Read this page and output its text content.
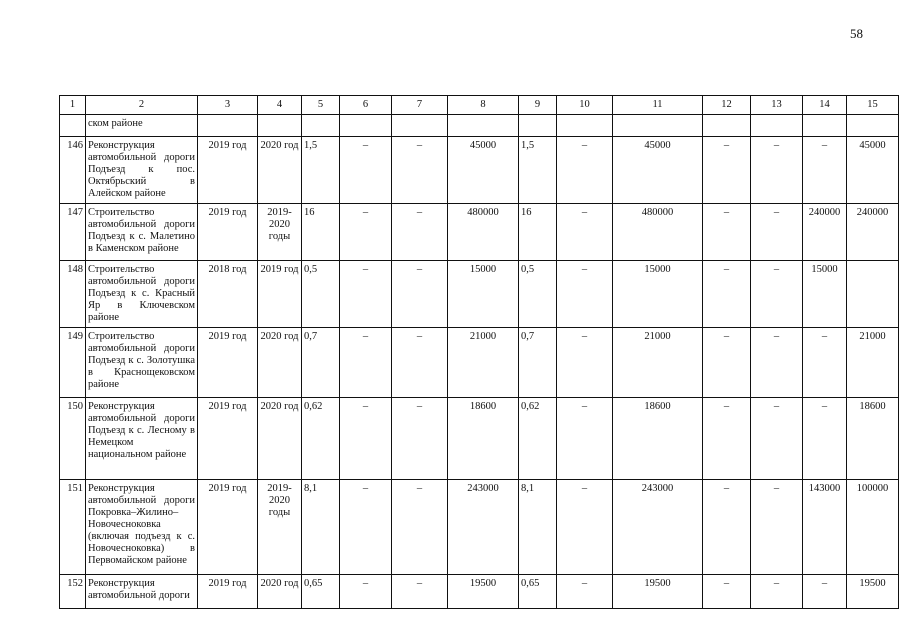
58
1	2	3	4	5	6	7	8	9	10	11	12	13	14	15
	ском районе													
146	Реконструкция автомобильной дороги Подъезд к пос. Октябрьский в Алейском районе	2019 год	2020 год	1,5	–	–	45000	1,5	–	45000	–	–	–	45000
147	Строительство автомобильной дороги Подъезд к с. Малетино в Каменском районе	2019 год	2019-2020 годы	16	–	–	480000	16	–	480000	–	–	240000	240000
148	Строительство автомобильной дороги Подъезд к с. Красный Яр в Ключевском районе	2018 год	2019 год	0,5	–	–	15000	0,5	–	15000	–	–	15000	
149	Строительство автомобильной дороги Подъезд к с. Золотушка в Краснощековском районе	2019 год	2020 год	0,7	–	–	21000	0,7	–	21000	–	–	–	21000
150	Реконструкция автомобильной дороги Подъезд к с. Лесному в Немецком национальном районе	2019 год	2020 год	0,62	–	–	18600	0,62	–	18600	–	–	–	18600
151	Реконструкция автомобильной дороги Покровка–Жилино–Новочесноковка (включая подъезд к с. Новочесноковка) в Первомайском районе	2019 год	2019-2020 годы	8,1	–	–	243000	8,1	–	243000	–	–	143000	100000
152	Реконструкция автомобильной дороги	2019 год	2020 год	0,65	–	–	19500	0,65	–	19500	–	–	–	19500
